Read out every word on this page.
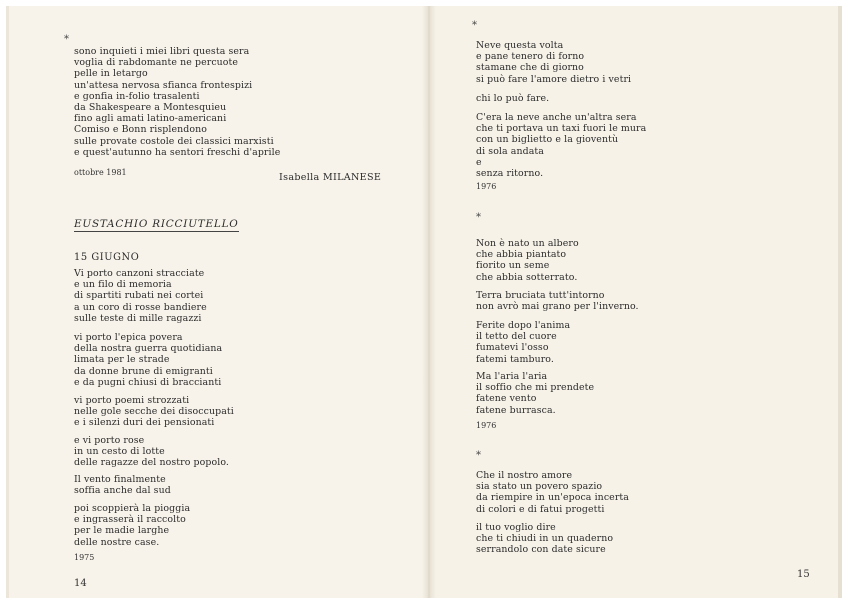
*
sono inquieti i miei libri questa sera
voglia di rabdomante ne percuote
pelle in letargo
un'attesa nervosa sfianca frontespizi
e gonfia in-folio trasalenti
da Shakespeare a Montesquieu
fino agli amati latino-americani
Comiso e Bonn risplendono
sulle provate costole dei classici marxisti
e quest'autunno ha sentori freschi d'aprile
ottobre 1981	Isabella MILANESE
EUSTACHIO RICCIUTELLO
15 GIUGNO
Vi porto canzoni stracciate
e un filo di memoria
di spartiti rubati nei cortei
a un coro di rosse bandiere
sulle teste di mille ragazzi
vi porto l'epica povera
della nostra guerra quotidiana
limata per le strade
da donne brune di emigranti
e da pugni chiusi di braccianti
vi porto poemi strozzati
nelle gole secche dei disoccupati
e i silenzi duri dei pensionati
e vi porto rose
in un cesto di lotte
delle ragazze del nostro popolo.
Il vento finalmente
soffia anche dal sud
poi scoppierà la pioggia
e ingrasserà il raccolto
per le madie larghe
delle nostre case.
1975
14
*
Neve questa volta
e pane tenero di forno
stamane che di giorno
si può fare l'amore dietro i vetri
chi lo può fare.
C'era la neve anche un'altra sera
che ti portava un taxi fuori le mura
con un biglietto e la gioventù
di sola andata
e
senza ritorno.
1976
*
Non è nato un albero
che abbia piantato
fiorito un seme
che abbia sotterrato.
Terra bruciata tutt'intorno
non avrò mai grano per l'inverno.
Ferite dopo l'anima
il tetto del cuore
fumatevi l'osso
fatemi tamburo.
Ma l'aria l'aria
il soffio che mi prendete
fatene vento
fatene burrasca.
1976
*
Che il nostro amore
sia stato un povero spazio
da riempire in un'epoca incerta
di colori e di fatui progetti
il tuo voglio dire
che ti chiudi in un quaderno
serrandolo con date sicure
15
